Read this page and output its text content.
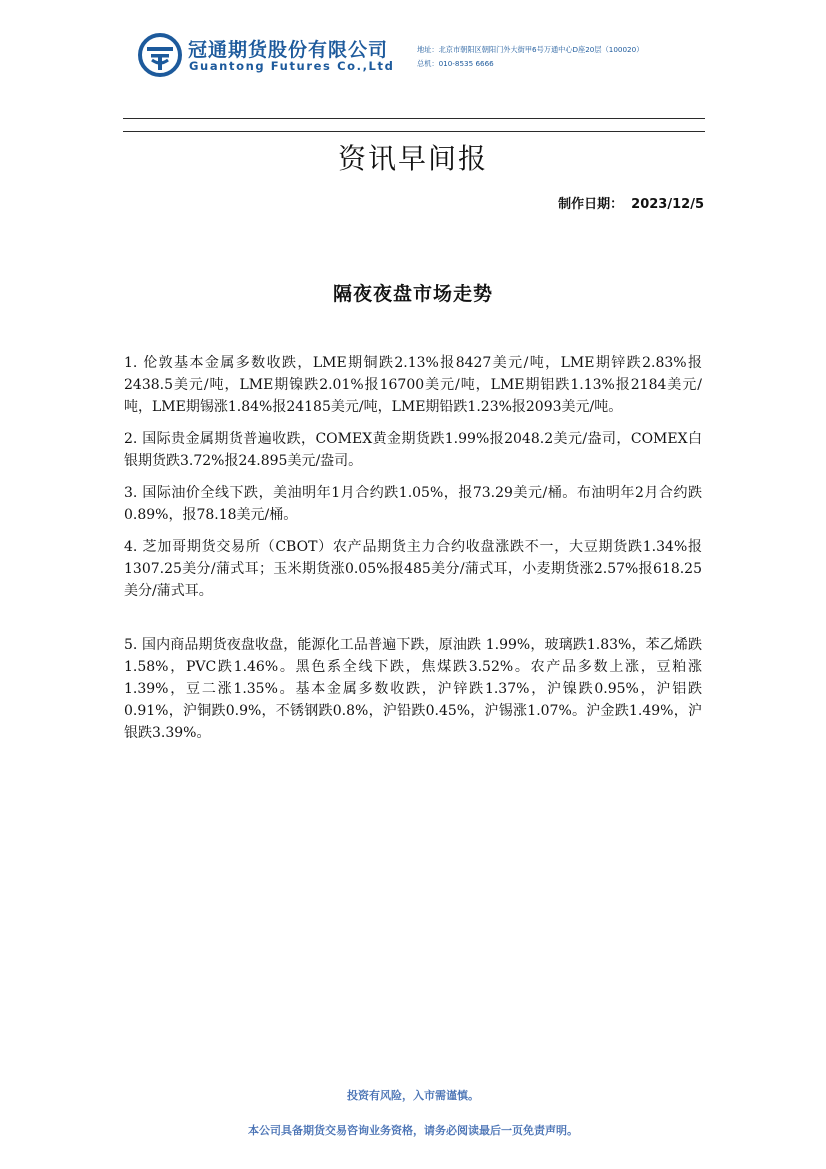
冠通期货股份有限公司
Guantong Futures Co.,Ltd
地址：北京市朝阳区朝阳门外大街甲6号万通中心D座20层（100020）
总机：010-8535 6666
资讯早间报
制作日期： 2023/12/5
隔夜夜盘市场走势

1. 伦敦基本金属多数收跌，LME期铜跌2.13%报8427美元/吨，LME期锌跌2.83%报2438.5美元/吨，LME期镍跌2.01%报16700美元/吨，LME期铝跌1.13%报2184美元/吨，LME期锡涨1.84%报24185美元/吨，LME期铅跌1.23%报2093美元/吨。

2. 国际贵金属期货普遍收跌，COMEX黄金期货跌1.99%报2048.2美元/盎司，COMEX白银期货跌3.72%报24.895美元/盎司。

3. 国际油价全线下跌，美油明年1月合约跌1.05%，报73.29美元/桶。布油明年2月合约跌0.89%，报78.18美元/桶。

4. 芝加哥期货交易所（CBOT）农产品期货主力合约收盘涨跌不一，大豆期货跌1.34%报1307.25美分/蒲式耳；玉米期货涨0.05%报485美分/蒲式耳，小麦期货涨2.57%报618.25美分/蒲式耳。

5. 国内商品期货夜盘收盘，能源化工品普遍下跌，原油跌 1.99%，玻璃跌1.83%，苯乙烯跌1.58%，PVC跌1.46%。黑色系全线下跌，焦煤跌3.52%。农产品多数上涨，豆粕涨1.39%，豆二涨1.35%。基本金属多数收跌，沪锌跌1.37%，沪镍跌0.95%，沪铝跌0.91%，沪铜跌0.9%，不锈钢跌0.8%，沪铅跌0.45%，沪锡涨1.07%。沪金跌1.49%，沪银跌3.39%。

投资有风险，入市需谨慎。
本公司具备期货交易咨询业务资格，请务必阅读最后一页免责声明。
